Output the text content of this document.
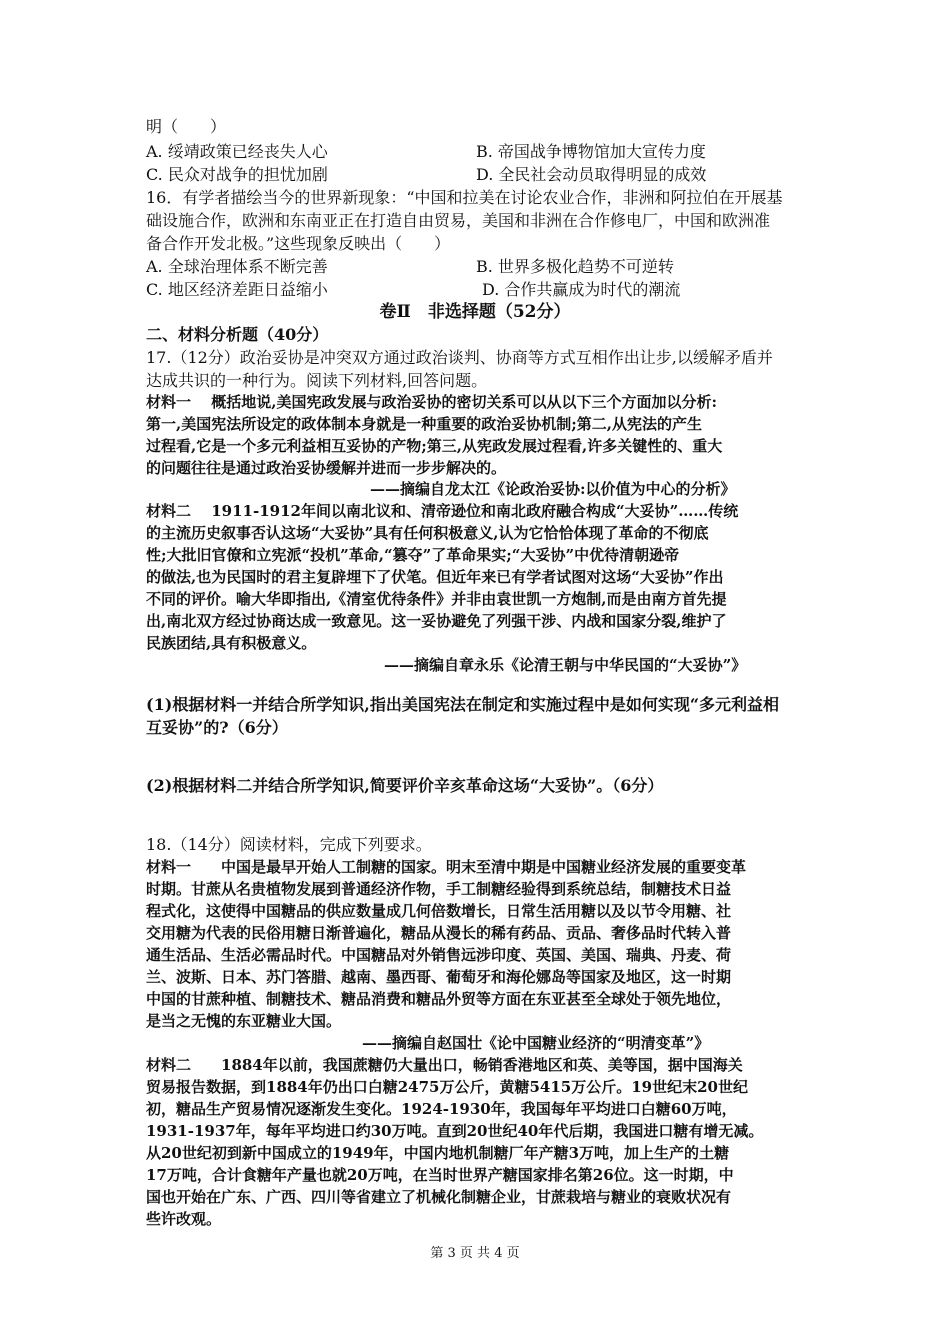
明（　　）
A. 绥靖政策已经丧失人心	B. 帝国战争博物馆加大宣传力度
C. 民众对战争的担忧加剧	D. 全民社会动员取得明显的成效
16．有学者描绘当今的世界新现象：“中国和拉美在讨论农业合作，非洲和阿拉伯在开展基
础设施合作，欧洲和东南亚正在打造自由贸易，美国和非洲在合作修电厂，中国和欧洲准
备合作开发北极。”这些现象反映出（　　）
A. 全球治理体系不断完善	B. 世界多极化趋势不可逆转
C. 地区经济差距日益缩小	D. 合作共赢成为时代的潮流
卷Ⅱ　非选择题（52分）
二、材料分析题（40分）
17.（12分）政治妥协是冲突双方通过政治谈判、协商等方式互相作出让步,以缓解矛盾并
达成共识的一种行为。阅读下列材料,回答问题。
材料一　 概括地说,美国宪政发展与政治妥协的密切关系可以从以下三个方面加以分析:
第一,美国宪法所设定的政体制本身就是一种重要的政治妥协机制;第二,从宪法的产生
过程看,它是一个多元利益相互妥协的产物;第三,从宪政发展过程看,许多关键性的、重大
的问题往往是通过政治妥协缓解并进而一步步解决的。
——摘编自龙太江《论政治妥协:以价值为中心的分析》
材料二　 1911-1912年间以南北议和、清帝逊位和南北政府融合构成“大妥协”……传统
的主流历史叙事否认这场“大妥协”具有任何积极意义,认为它恰恰体现了革命的不彻底
性;大批旧官僚和立宪派“投机”革命,“篡夺”了革命果实;“大妥协”中优待清朝逊帝
的做法,也为民国时的君主复辟埋下了伏笔。但近年来已有学者试图对这场“大妥协”作出
不同的评价。喻大华即指出,《清室优待条件》并非由袁世凯一方炮制,而是由南方首先提
出,南北双方经过协商达成一致意见。这一妥协避免了列强干涉、内战和国家分裂,维护了
民族团结,具有积极意义。
——摘编自章永乐《论清王朝与中华民国的“大妥协”》
(1)根据材料一并结合所学知识,指出美国宪法在制定和实施过程中是如何实现“多元利益相
互妥协”的?（6分）
(2)根据材料二并结合所学知识,简要评价辛亥革命这场“大妥协”。（6分）
18.（14分）阅读材料，完成下列要求。
材料一　　中国是最早开始人工制糖的国家。明末至清中期是中国糖业经济发展的重要变革
时期。甘蔗从名贵植物发展到普通经济作物，手工制糖经验得到系统总结，制糖技术日益
程式化，这使得中国糖品的供应数量成几何倍数增长，日常生活用糖以及以节令用糖、社
交用糖为代表的民俗用糖日渐普遍化，糖品从漫长的稀有药品、贡品、奢侈品时代转入普
通生活品、生活必需品时代。中国糖品对外销售远涉印度、英国、美国、瑞典、丹麦、荷
兰、波斯、日本、苏门答腊、越南、墨西哥、葡萄牙和海伦娜岛等国家及地区，这一时期
中国的甘蔗种植、制糖技术、糖品消费和糖品外贸等方面在东亚甚至全球处于领先地位，
是当之无愧的东亚糖业大国。
——摘编自赵国壮《论中国糖业经济的“明清变革”》
材料二　　1884年以前，我国蔗糖仍大量出口，畅销香港地区和英、美等国，据中国海关
贸易报告数据，到1884年仍出口白糖2475万公斤，黄糖5415万公斤。19世纪末20世纪
初，糖品生产贸易情况逐渐发生变化。1924-1930年，我国每年平均进口白糖60万吨，
1931-1937年，每年平均进口约30万吨。直到20世纪40年代后期，我国进口糖有增无减。
从20世纪初到新中国成立的1949年，中国内地机制糖厂年产糖3万吨，加上生产的土糖
17万吨，合计食糖年产量也就20万吨，在当时世界产糖国家排名第26位。这一时期，中
国也开始在广东、广西、四川等省建立了机械化制糖企业，甘蔗栽培与糖业的衰败状况有
些许改观。
第 3 页 共 4 页
